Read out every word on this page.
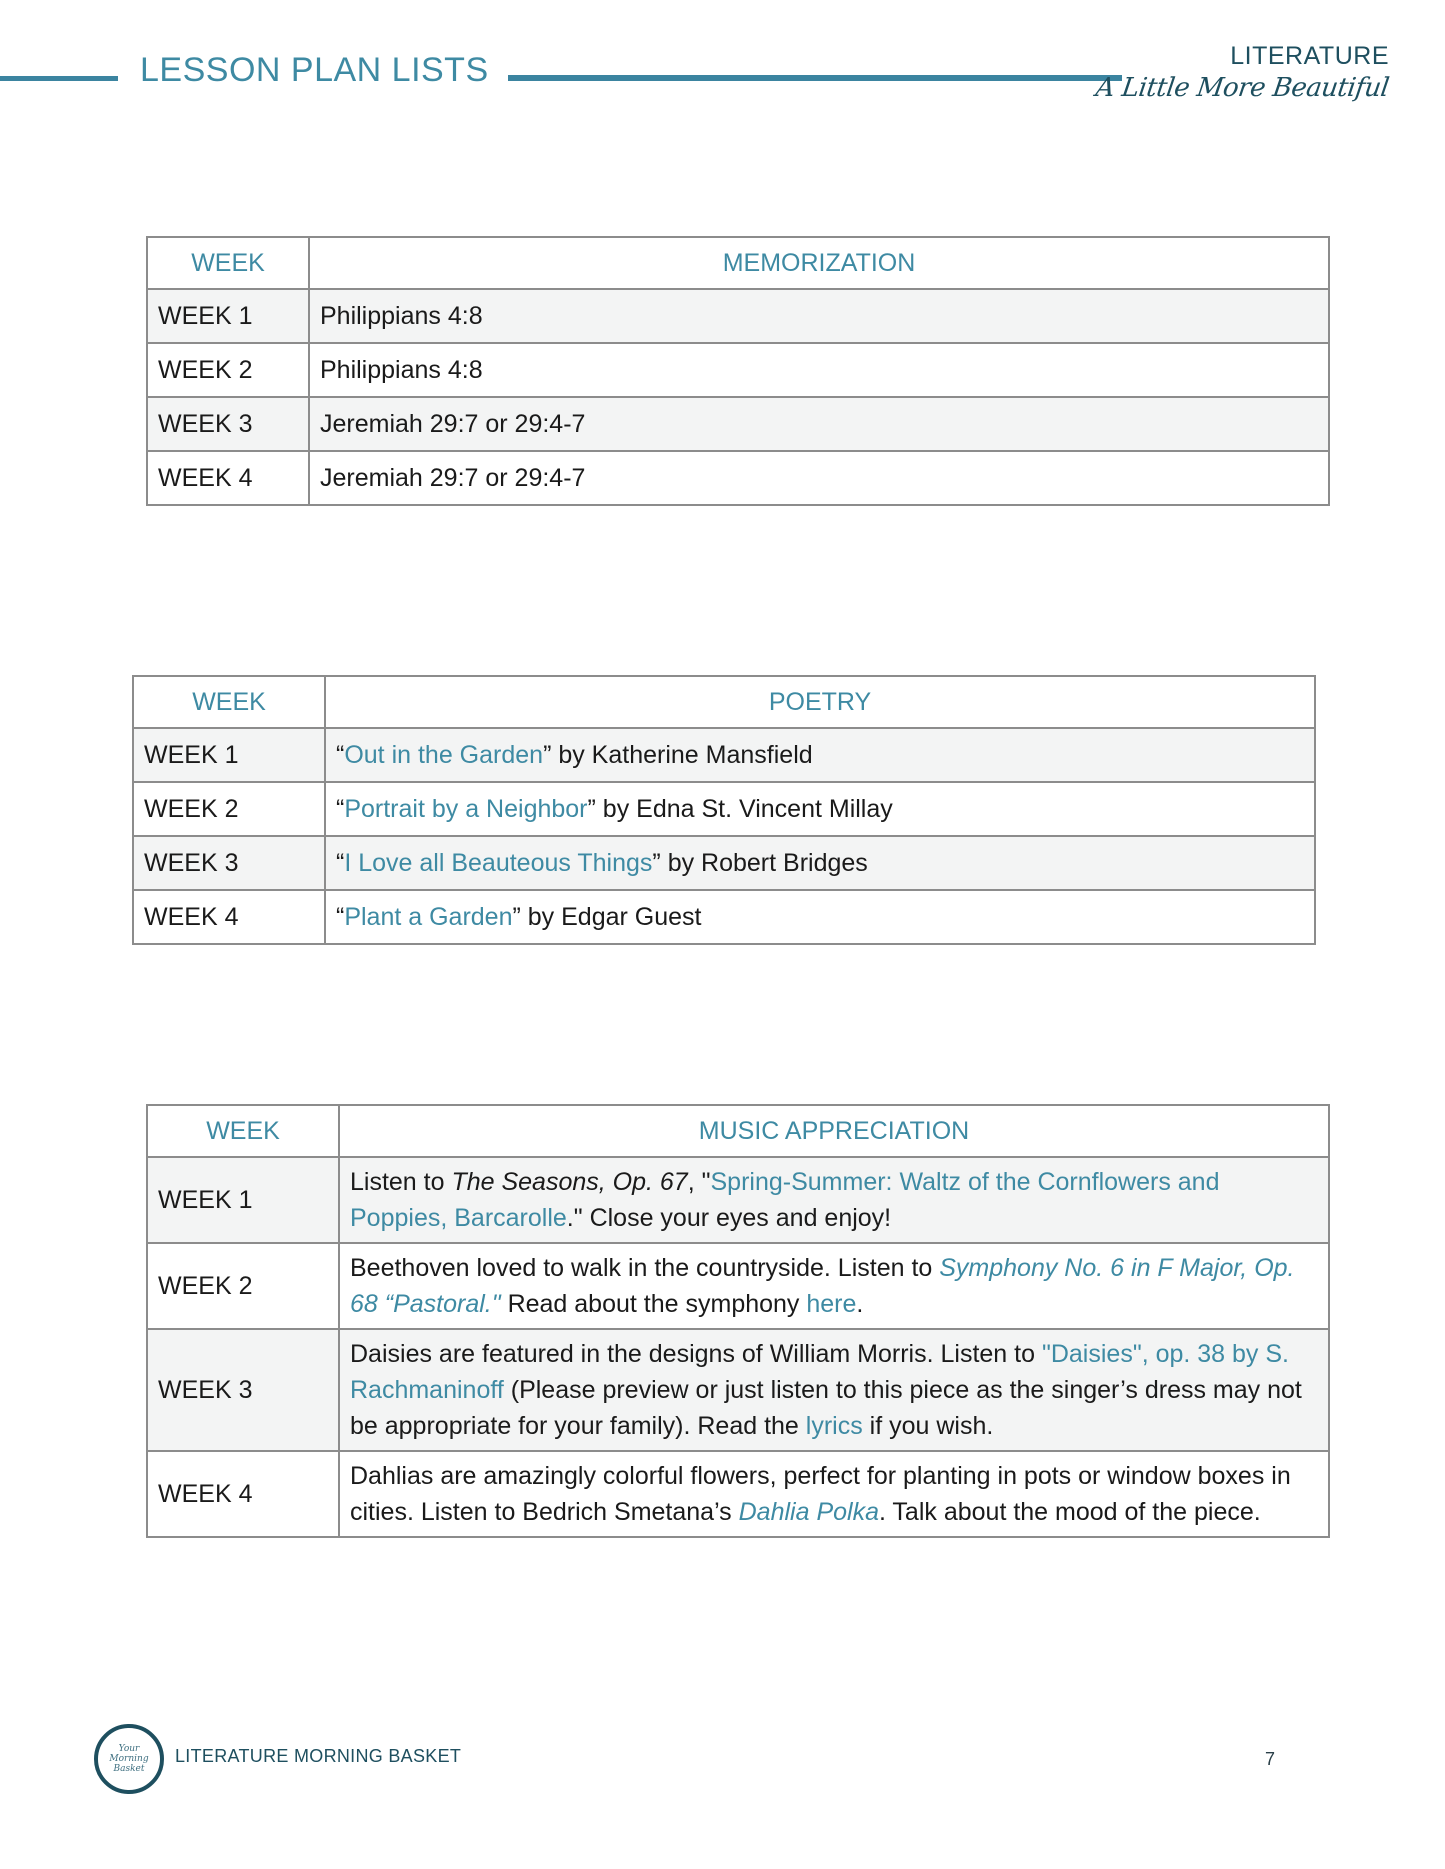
LESSON PLAN LISTS	LITERATURE
A Little More Beautiful
WEEK	MEMORIZATION
WEEK 1	Philippians 4:8
WEEK 2	Philippians 4:8
WEEK 3	Jeremiah 29:7 or 29:4-7
WEEK 4	Jeremiah 29:7 or 29:4-7
WEEK	POETRY
WEEK 1	“Out in the Garden” by Katherine Mansfield
WEEK 2	“Portrait by a Neighbor” by Edna St. Vincent Millay
WEEK 3	“I Love all Beauteous Things” by Robert Bridges
WEEK 4	“Plant a Garden” by Edgar Guest
WEEK	MUSIC APPRECIATION
WEEK 1	Listen to The Seasons, Op. 67, "Spring-Summer: Waltz of the Cornflowers and Poppies, Barcarolle." Close your eyes and enjoy!
WEEK 2	Beethoven loved to walk in the countryside. Listen to Symphony No. 6 in F Major, Op. 68 “Pastoral." Read about the symphony here.
WEEK 3	Daisies are featured in the designs of William Morris. Listen to "Daisies", op. 38 by S. Rachmaninoff (Please preview or just listen to this piece as the singer’s dress may not be appropriate for your family). Read the lyrics if you wish.
WEEK 4	Dahlias are amazingly colorful flowers, perfect for planting in pots or window boxes in cities. Listen to Bedrich Smetana’s Dahlia Polka. Talk about the mood of the piece.
Your Morning Basket
LITERATURE MORNING BASKET	7
